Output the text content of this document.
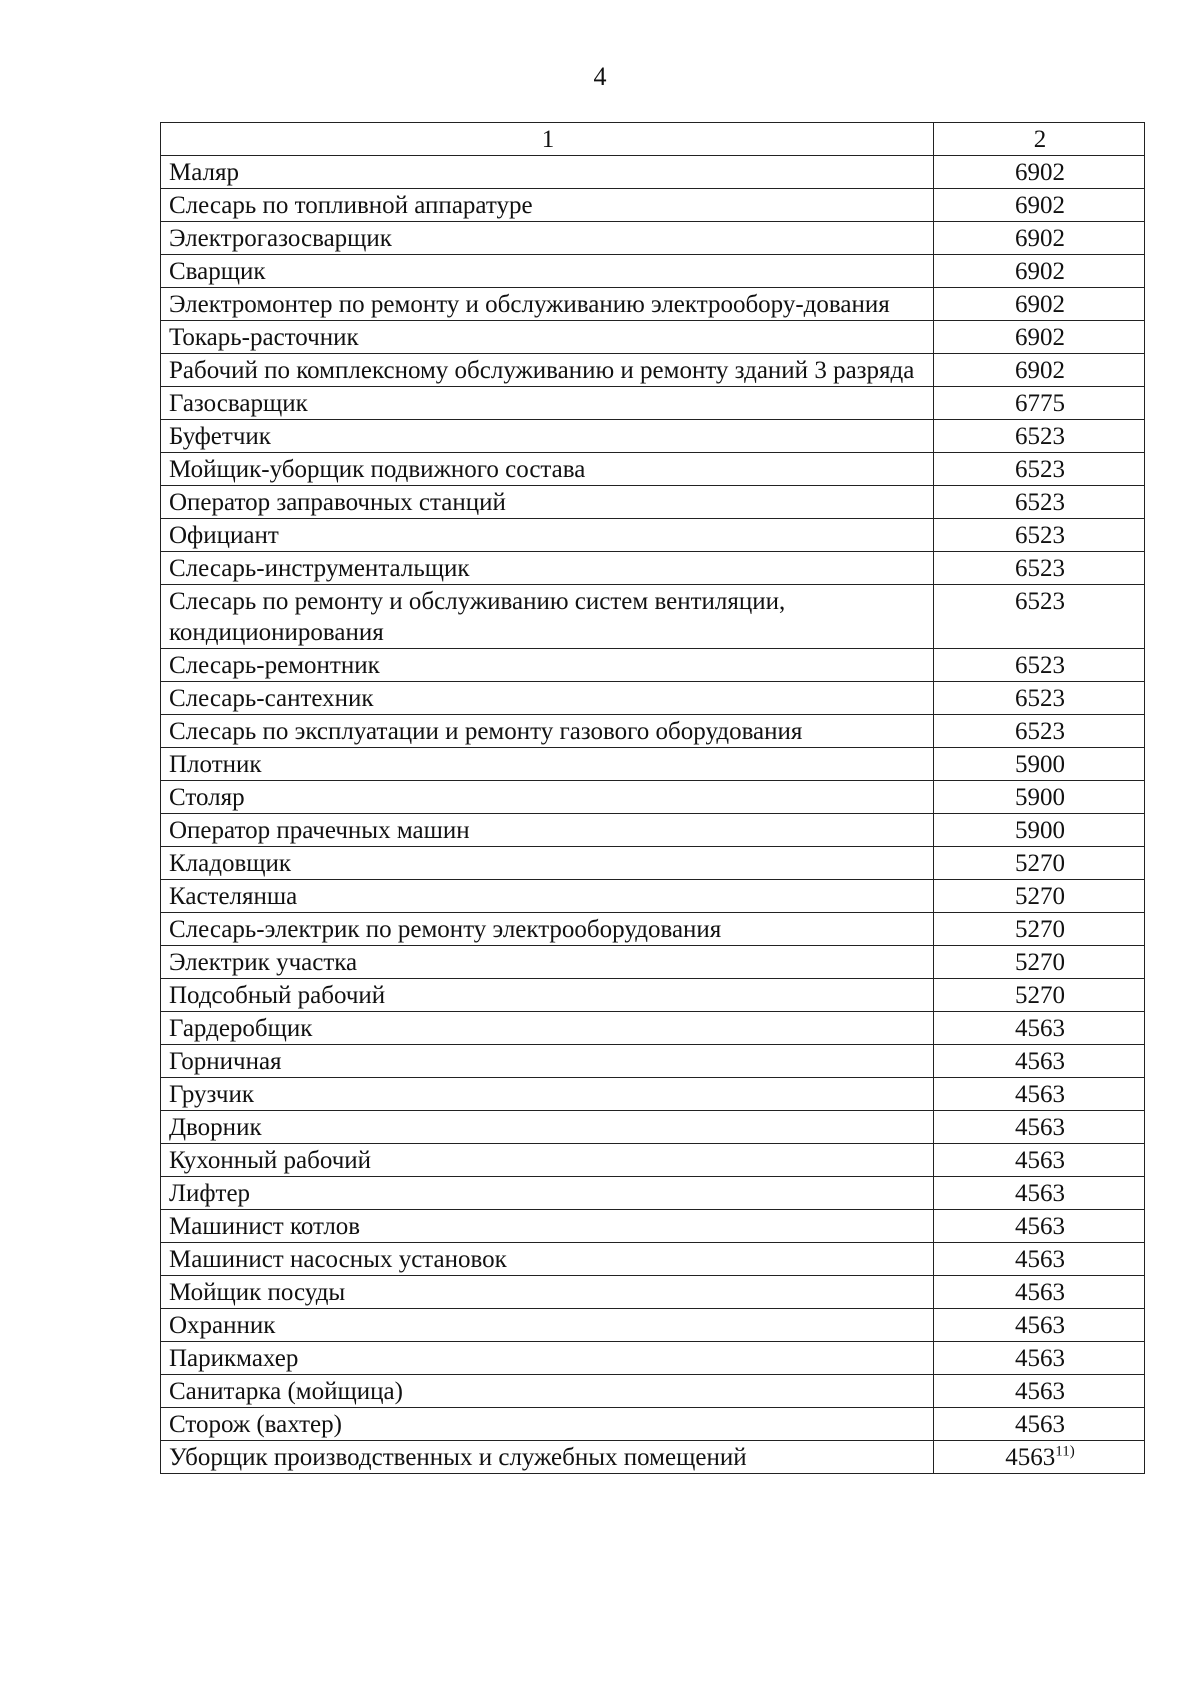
4
1	2
Маляр	6902
Слесарь по топливной аппаратуре	6902
Электрогазосварщик	6902
Сварщик	6902
Электромонтер по ремонту и обслуживанию электрообору-дования	6902
Токарь-расточник	6902
Рабочий по комплексному обслуживанию и ремонту зданий 3 разряда	6902
Газосварщик	6775
Буфетчик	6523
Мойщик-уборщик подвижного состава	6523
Оператор заправочных станций	6523
Официант	6523
Слесарь-инструментальщик	6523
Слесарь по ремонту и обслуживанию систем вентиляции, кондиционирования	6523
Слесарь-ремонтник	6523
Слесарь-сантехник	6523
Слесарь по эксплуатации и ремонту газового оборудования	6523
Плотник	5900
Столяр	5900
Оператор прачечных машин	5900
Кладовщик	5270
Кастелянша	5270
Слесарь-электрик по ремонту электрооборудования	5270
Электрик участка	5270
Подсобный рабочий	5270
Гардеробщик	4563
Горничная	4563
Грузчик	4563
Дворник	4563
Кухонный рабочий	4563
Лифтер	4563
Машинист котлов	4563
Машинист насосных установок	4563
Мойщик посуды	4563
Охранник	4563
Парикмахер	4563
Санитарка (мойщица)	4563
Сторож (вахтер)	4563
Уборщик производственных и служебных помещений	4563$^{11)}$
